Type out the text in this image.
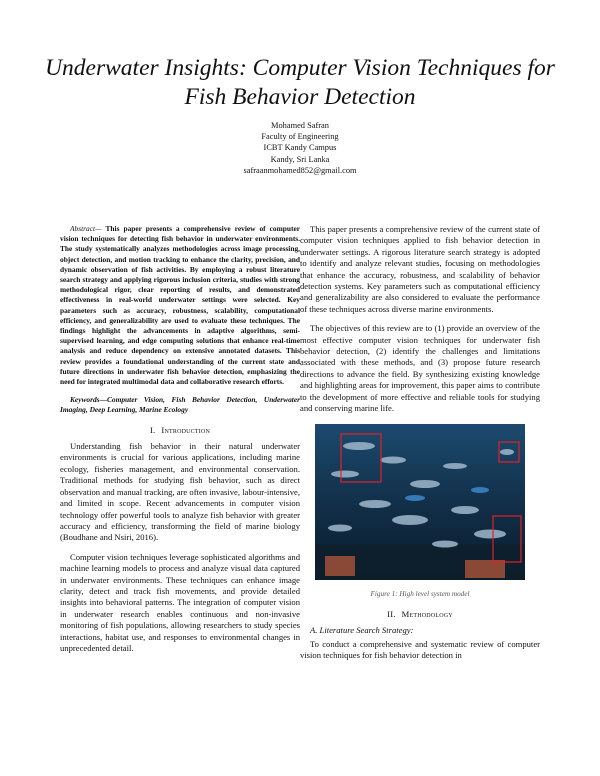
Underwater Insights: Computer Vision Techniques for Fish Behavior Detection
Mohamed Safran
Faculty of Engineering
ICBT Kandy Campus
Kandy, Sri Lanka
safraanmohamed852@gmail.com

Abstract— This paper presents a comprehensive review of computer vision techniques for detecting fish behavior in underwater environments. The study systematically analyzes methodologies across image processing, object detection, and motion tracking to enhance the clarity, precision, and dynamic observation of fish activities. By employing a robust literature search strategy and applying rigorous inclusion criteria, studies with strong methodological rigor, clear reporting of results, and demonstrated effectiveness in real-world underwater settings were selected. Key parameters such as accuracy, robustness, scalability, computational efficiency, and generalizability are used to evaluate these techniques. The findings highlight the advancements in adaptive algorithms, semi-supervised learning, and edge computing solutions that enhance real-time analysis and reduce dependency on extensive annotated datasets. This review provides a foundational understanding of the current state and future directions in underwater fish behavior detection, emphasizing the need for integrated multimodal data and collaborative research efforts.

Keywords—Computer Vision, Fish Behavior Detection, Underwater Imaging, Deep Learning, Marine Ecology

I. Introduction

Understanding fish behavior in their natural underwater environments is crucial for various applications, including marine ecology, fisheries management, and environmental conservation. Traditional methods for studying fish behavior, such as direct observation and manual tracking, are often invasive, labour-intensive, and limited in scope. Recent advancements in computer vision technology offer powerful tools to analyze fish behavior with greater accuracy and efficiency, transforming the field of marine biology (Boudhane and Nsiri, 2016).

Computer vision techniques leverage sophisticated algorithms and machine learning models to process and analyze visual data captured in underwater environments. These techniques can enhance image clarity, detect and track fish movements, and provide detailed insights into behavioral patterns. The integration of computer vision in underwater research enables continuous and non-invasive monitoring of fish populations, allowing researchers to study species interactions, habitat use, and responses to environmental changes in unprecedented detail.

This paper presents a comprehensive review of the current state of computer vision techniques applied to fish behavior detection in underwater settings. A rigorous literature search strategy is adopted to identify and analyze relevant studies, focusing on methodologies that enhance the accuracy, robustness, and scalability of behavior detection systems. Key parameters such as computational efficiency and generalizability are also considered to evaluate the performance of these techniques across diverse marine environments.

The objectives of this review are to (1) provide an overview of the most effective computer vision techniques for underwater fish behavior detection, (2) identify the challenges and limitations associated with these methods, and (3) propose future research directions to advance the field. By synthesizing existing knowledge and highlighting areas for improvement, this paper aims to contribute to the development of more effective and reliable tools for studying and conserving marine life.

Figure 1: High level system model
II. Methodology
A. Literature Search Strategy:

To conduct a comprehensive and systematic review of computer vision techniques for fish behavior detection in
